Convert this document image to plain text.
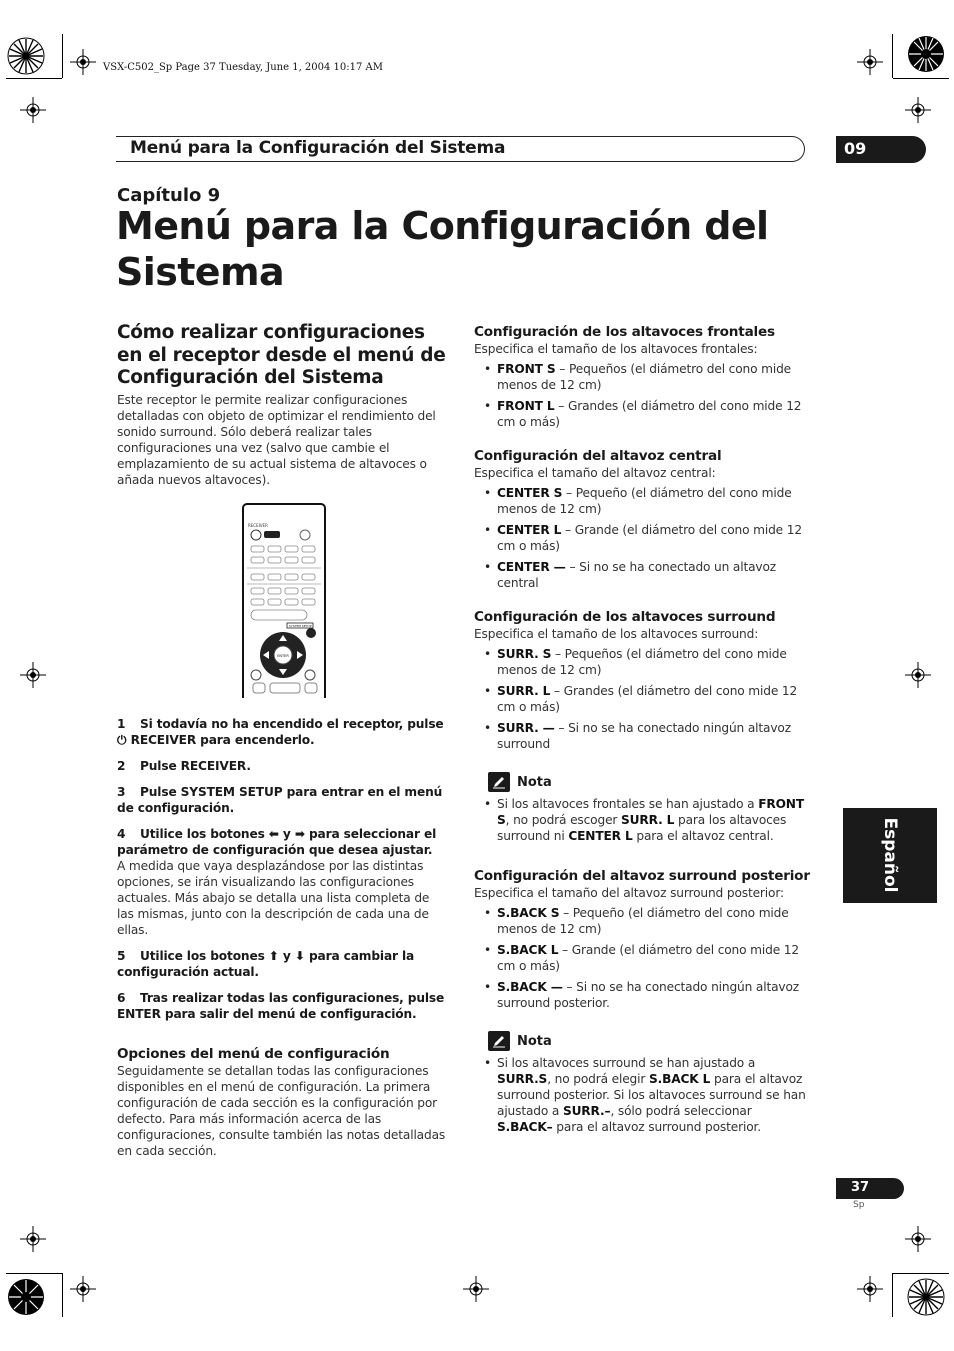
VSX-C502_Sp Page 37 Tuesday, June 1, 2004 10:17 AM
Menú para la Configuración del Sistema	09
Capítulo 9
Menú para la Configuración del
Sistema
Cómo realizar configuraciones en el receptor desde el menú de Configuración del Sistema

Este receptor le permite realizar configuraciones detalladas con objeto de optimizar el rendimiento del sonido surround. Sólo deberá realizar tales configuraciones una vez (salvo que cambie el emplazamiento de su actual sistema de altavoces o añada nuevos altavoces).

RECEIVER
SYSTEM SETUP
ENTER

1 Si todavía no ha encendido el receptor, pulse
⏻ RECEIVER para encenderlo.

2 Pulse RECEIVER.

3 Pulse SYSTEM SETUP para entrar en el menú de configuración.

4 Utilice los botones ⬅ y ➡ para seleccionar el parámetro de configuración que desea ajustar.

A medida que vaya desplazándose por las distintas opciones, se irán visualizando las configuraciones actuales. Más abajo se detalla una lista completa de las mismas, junto con la descripción de cada una de ellas.

5 Utilice los botones ⬆ y ⬇ para cambiar la configuración actual.

6 Tras realizar todas las configuraciones, pulse ENTER para salir del menú de configuración.

Opciones del menú de configuración

Seguidamente se detallan todas las configuraciones disponibles en el menú de configuración. La primera configuración de cada sección es la configuración por defecto. Para más información acerca de las configuraciones, consulte también las notas detalladas en cada sección.

Configuración de los altavoces frontales

Especifica el tamaño de los altavoces frontales:

• FRONT S – Pequeños (el diámetro del cono mide menos de 12 cm)
• FRONT L – Grandes (el diámetro del cono mide 12 cm o más)
Configuración del altavoz central

Especifica el tamaño del altavoz central:

• CENTER S – Pequeño (el diámetro del cono mide menos de 12 cm)
• CENTER L – Grande (el diámetro del cono mide 12 cm o más)
• CENTER — – Si no se ha conectado un altavoz central
Configuración de los altavoces surround

Especifica el tamaño de los altavoces surround:

• SURR. S – Pequeños (el diámetro del cono mide menos de 12 cm)
• SURR. L – Grandes (el diámetro del cono mide 12 cm o más)
• SURR. — – Si no se ha conectado ningún altavoz surround
Nota
• Si los altavoces frontales se han ajustado a FRONT S, no podrá escoger SURR. L para los altavoces surround ni CENTER L para el altavoz central.
Configuración del altavoz surround posterior

Especifica el tamaño del altavoz surround posterior:

• S.BACK S – Pequeño (el diámetro del cono mide menos de 12 cm)
• S.BACK L – Grande (el diámetro del cono mide 12 cm o más)
• S.BACK — – Si no se ha conectado ningún altavoz surround posterior.
Nota
• Si los altavoces surround se han ajustado a SURR.S, no podrá elegir S.BACK L para el altavoz surround posterior. Si los altavoces surround se han ajustado a SURR.–, sólo podrá seleccionar S.BACK– para el altavoz surround posterior.
Español
37
Sp
